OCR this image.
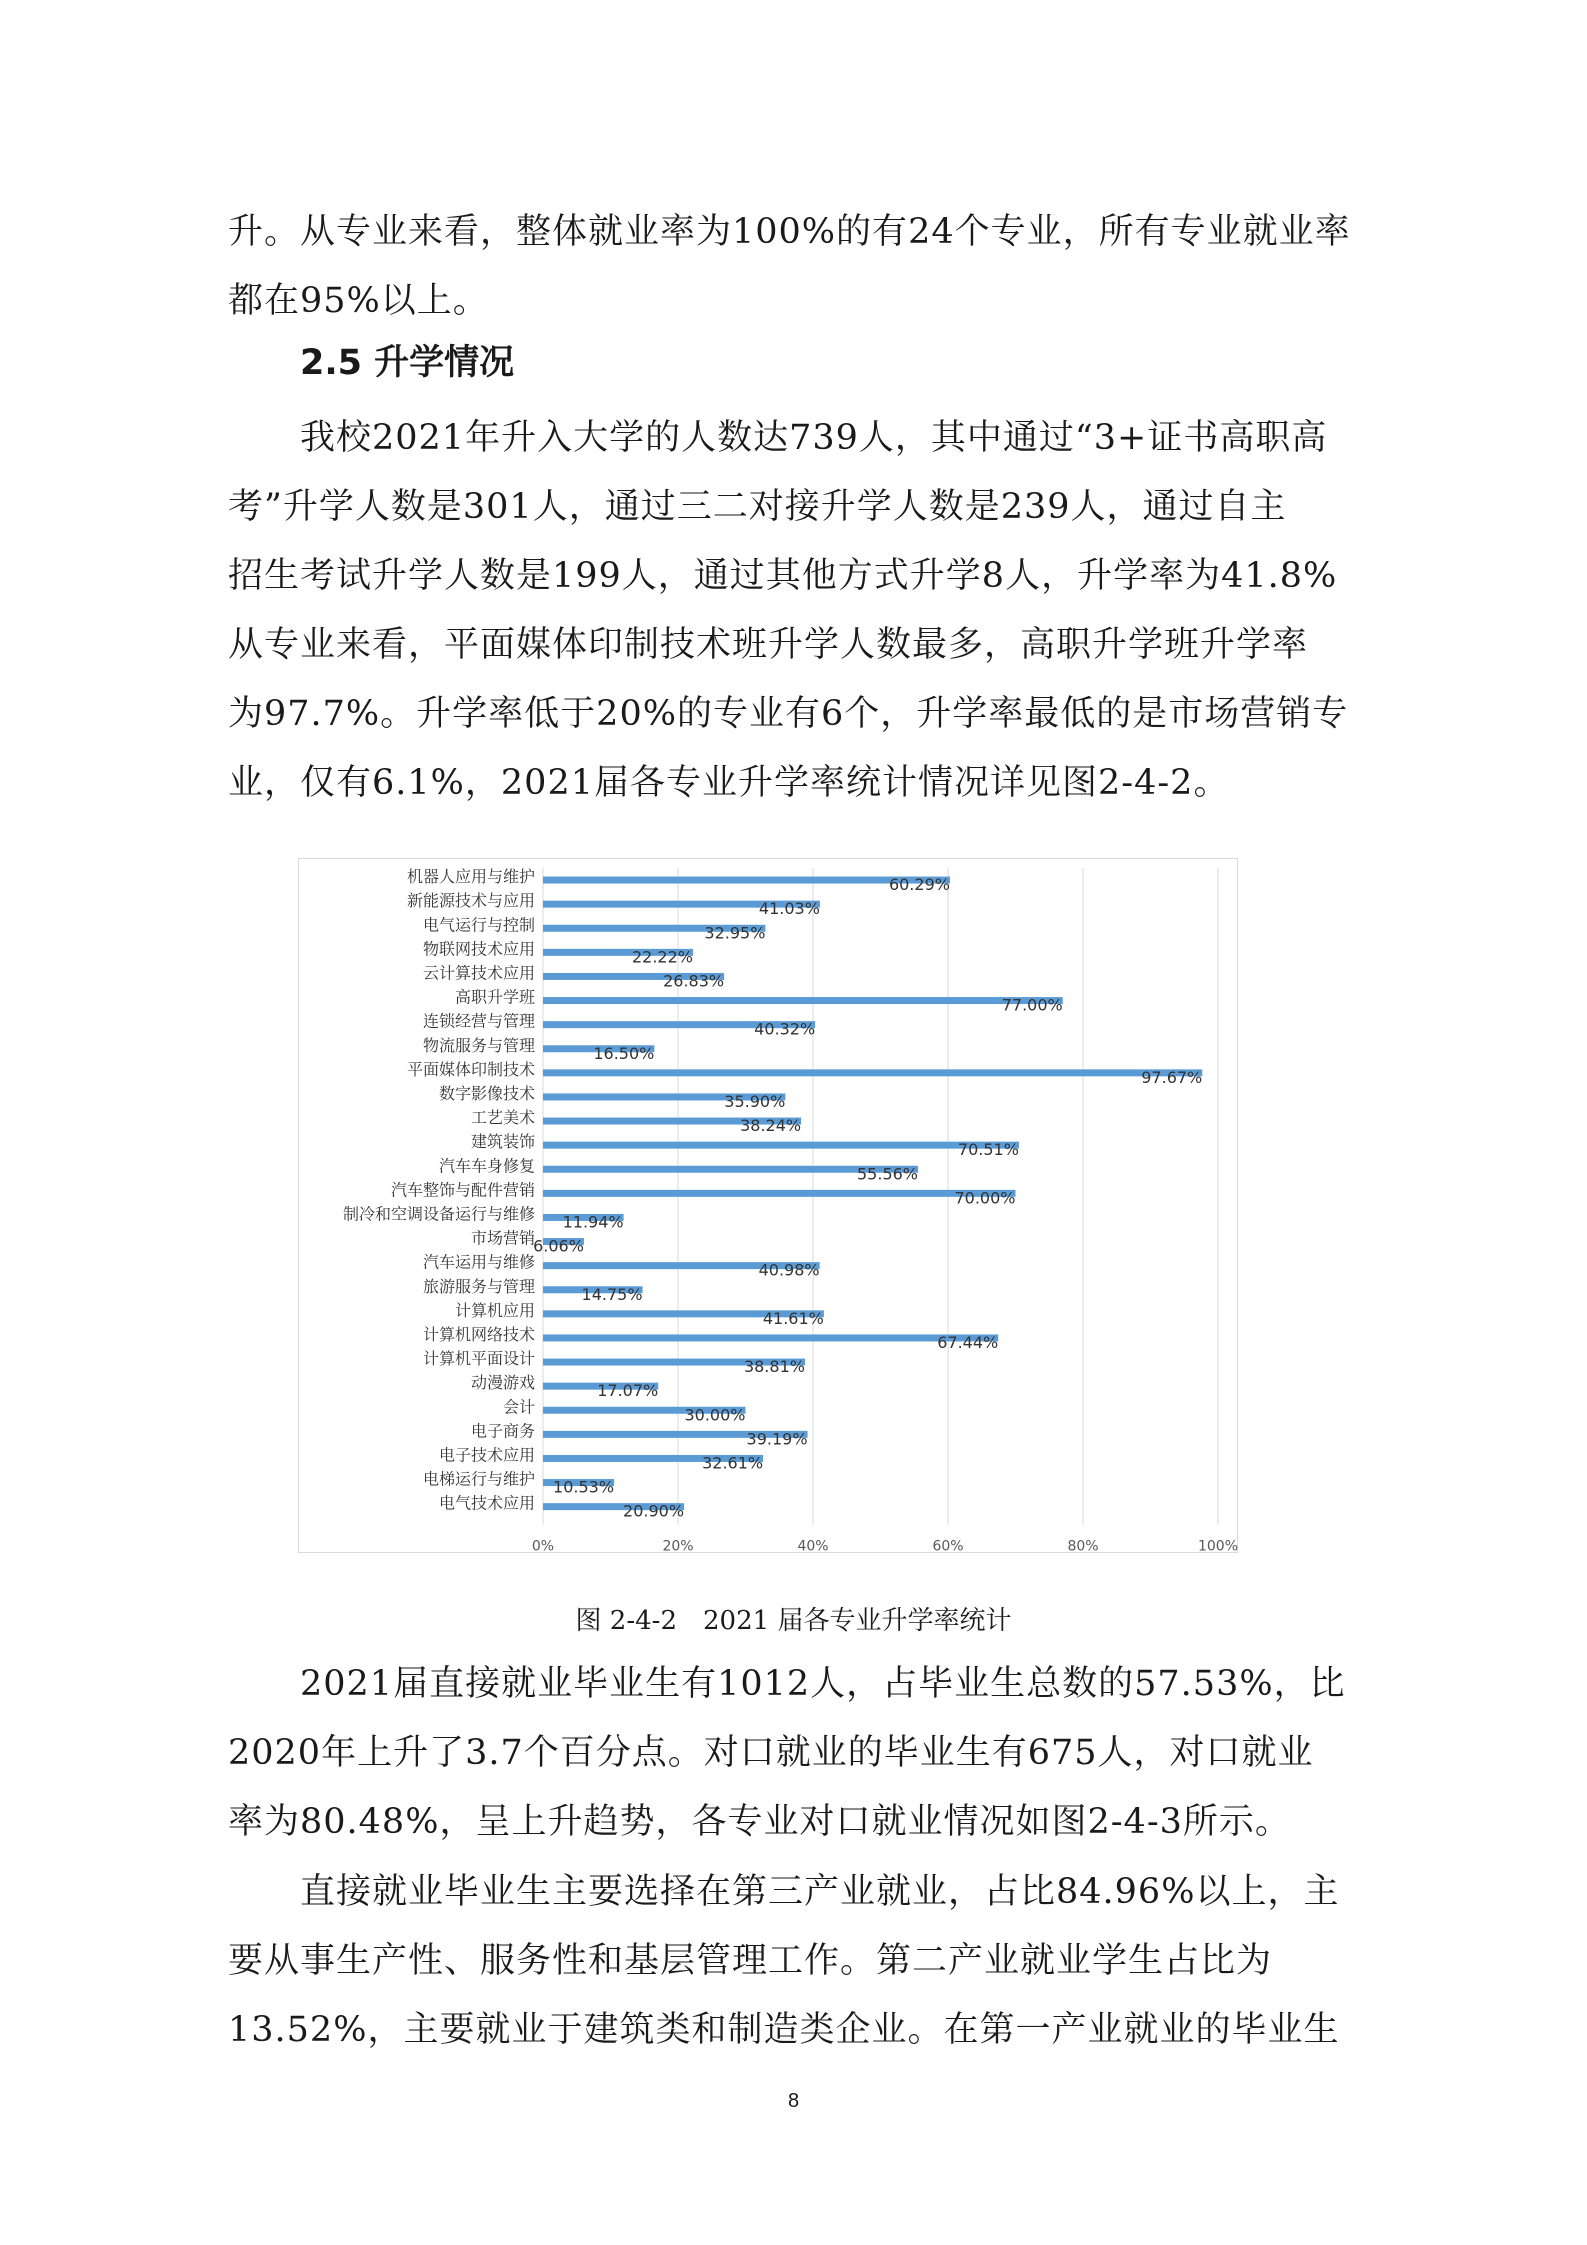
升。从专业来看，整体就业率为100%的有24个专业，所有专业就业率
都在95%以上。
2.5 升学情况
我校2021年升入大学的人数达739人，其中通过“3+证书高职高
考”升学人数是301人，通过三二对接升学人数是239人，通过自主
招生考试升学人数是199人，通过其他方式升学8人，升学率为41.8%
从专业来看，平面媒体印制技术班升学人数最多，高职升学班升学率
为97.7%。升学率低于20%的专业有6个，升学率最低的是市场营销专
业，仅有6.1%，2021届各专业升学率统计情况详见图2-4-2。
0%	20%	40%	60%	80%	100%
机器人应用与维护	60.29%
新能源技术与应用	41.03%
电气运行与控制	32.95%
物联网技术应用	22.22%
云计算技术应用	26.83%
高职升学班	77.00%
连锁经营与管理	40.32%
物流服务与管理	16.50%
平面媒体印制技术	97.67%
数字影像技术	35.90%
工艺美术	38.24%
建筑装饰	70.51%
汽车车身修复	55.56%
汽车整饰与配件营销	70.00%
制冷和空调设备运行与维修 11.94%
市场营销
6.06%
汽车运用与维修	40.98%
旅游服务与管理	14.75%
计算机应用	41.61%
计算机网络技术	67.44%
计算机平面设计	38.81%
动漫游戏	17.07%
会计	30.00%
电子商务	39.19%
电子技术应用	32.61%
电梯运行与维护 10.53%
电气技术应用	20.90%

图 2-4-2　2021 届各专业升学率统计

2021届直接就业毕业生有1012人，占毕业生总数的57.53%，比
2020年上升了3.7个百分点。对口就业的毕业生有675人，对口就业
率为80.48%，呈上升趋势，各专业对口就业情况如图2-4-3所示。
直接就业毕业生主要选择在第三产业就业，占比84.96%以上，主
要从事生产性、服务性和基层管理工作。第二产业就业学生占比为
13.52%，主要就业于建筑类和制造类企业。在第一产业就业的毕业生
8
